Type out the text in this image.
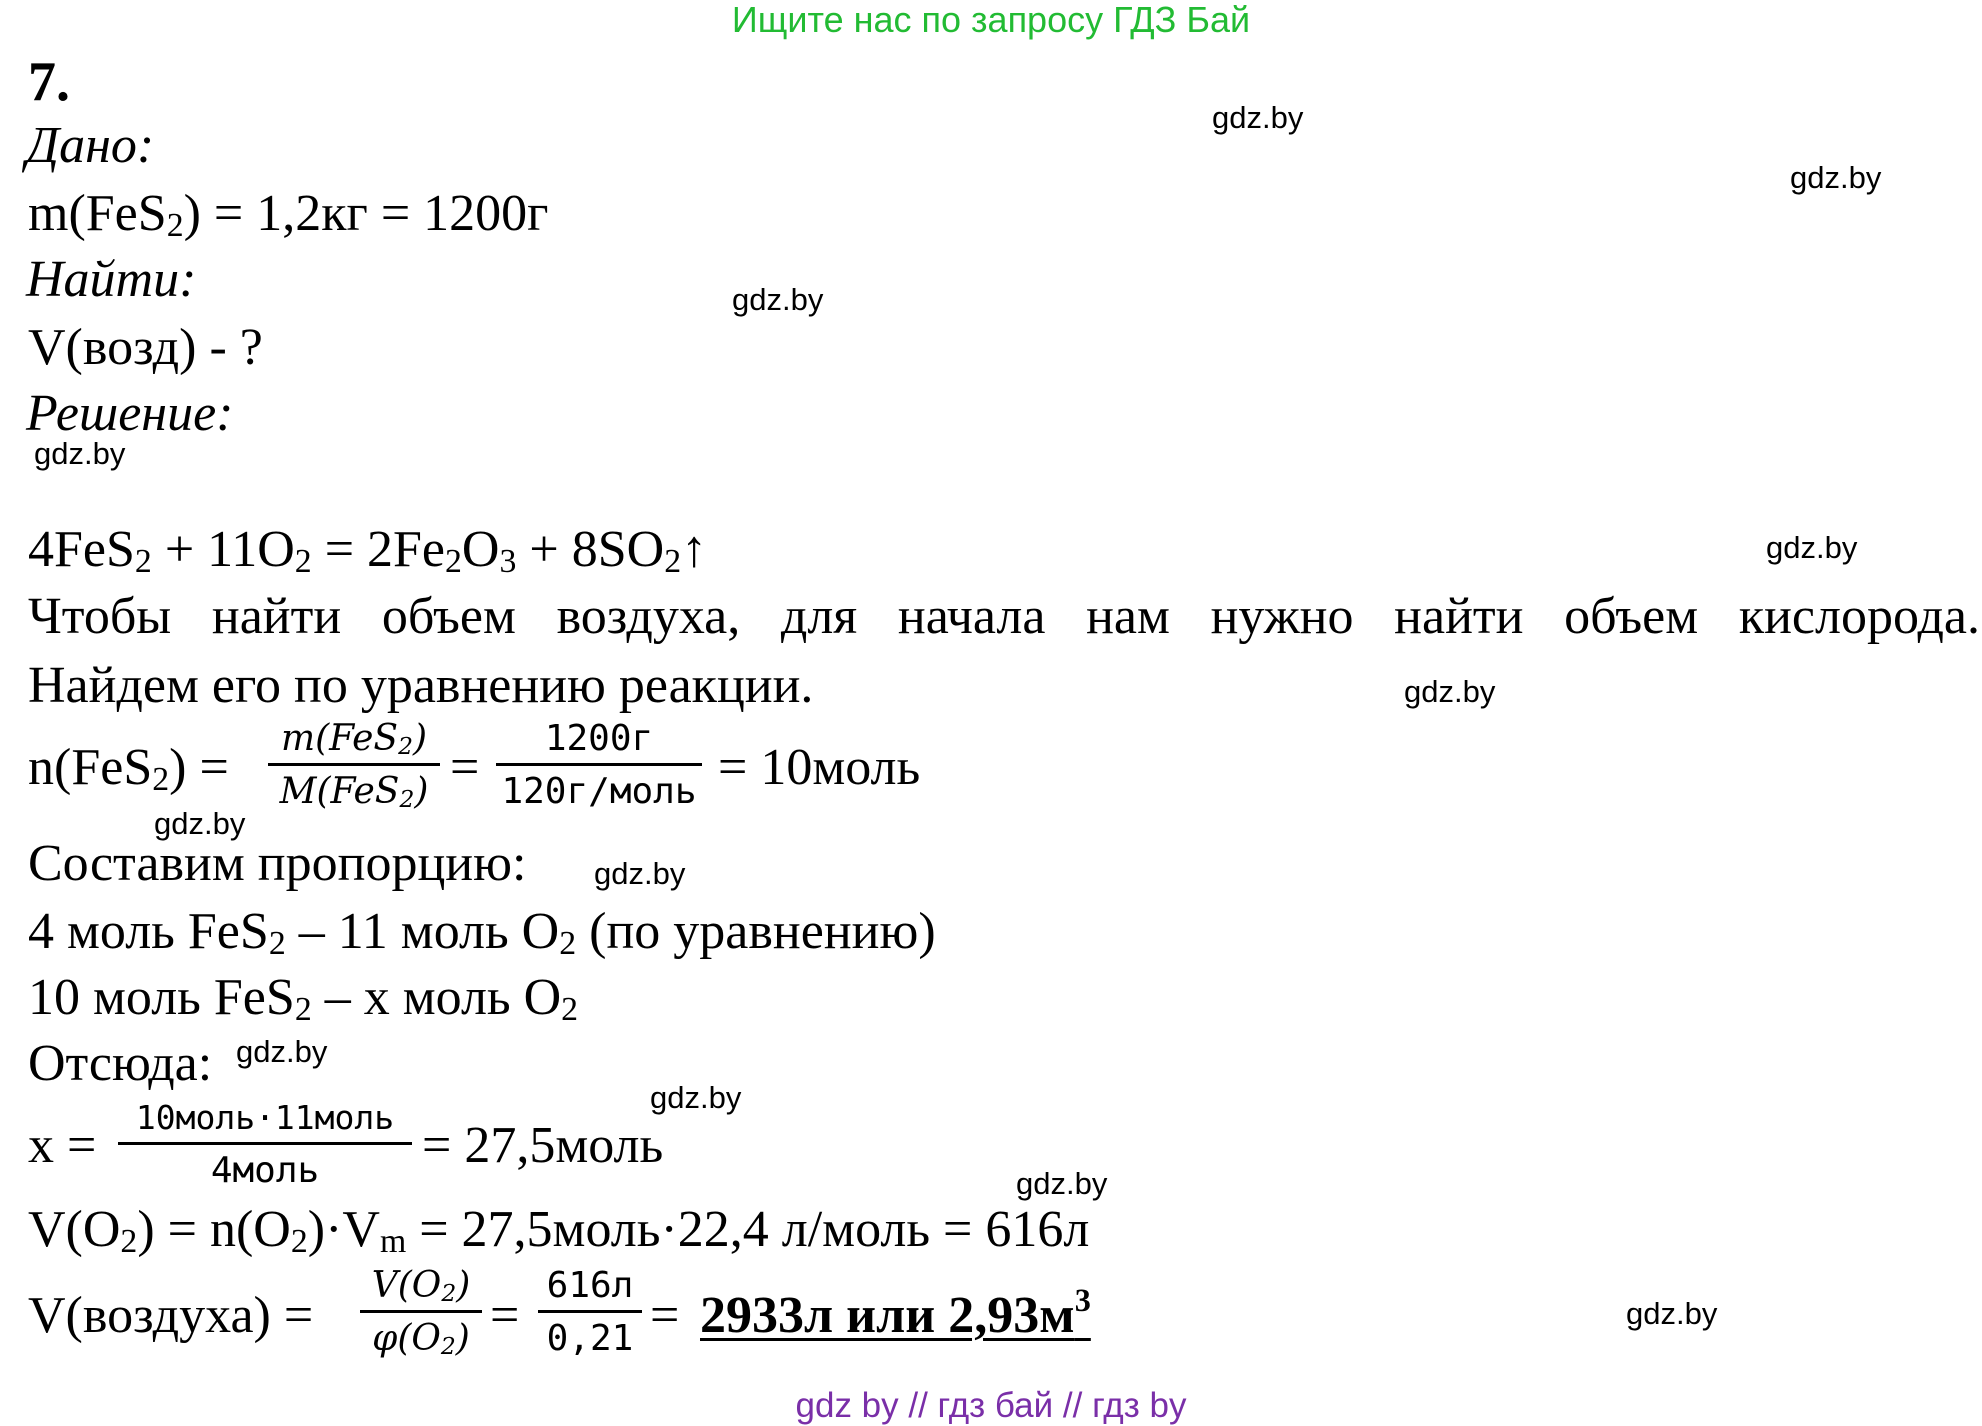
Ищите нас по запросу ГДЗ Бай
7.
Дано:
m(FeS2) = 1,2кг = 1200г
Найти:
V(возд) - ?
Решение:
4FeS2 + 11O2 = 2Fe2O3 + 8SO2↑
Чтобы найти объем воздуха, для начала нам нужно найти объем кислорода.
Найдем его по уравнению реакции.
n(FeS2) =
m(FeS2)
M(FeS2) =
1200г
120г/моль = 10моль
Составим пропорцию:
4 моль FeS2 – 11 моль O2 (по уравнению)
10 моль FeS2 – x моль O2
Отсюда:
x =	10моль·11моль
4моль	= 27,5моль
V(O2) = n(O2)·Vm = 27,5моль·22,4 л/моль = 616л
V(воздуха) =
V(O2)
φ(O2) =
616л
0,21 = 2933л или $2,93м^3$
gdz.by
gdz.by
gdz.by
gdz.by
gdz.by
gdz.by
gdz.by
gdz.by
gdz.by
gdz.by
gdz.by
gdz.by
gdz by // гдз бай // гдз by
